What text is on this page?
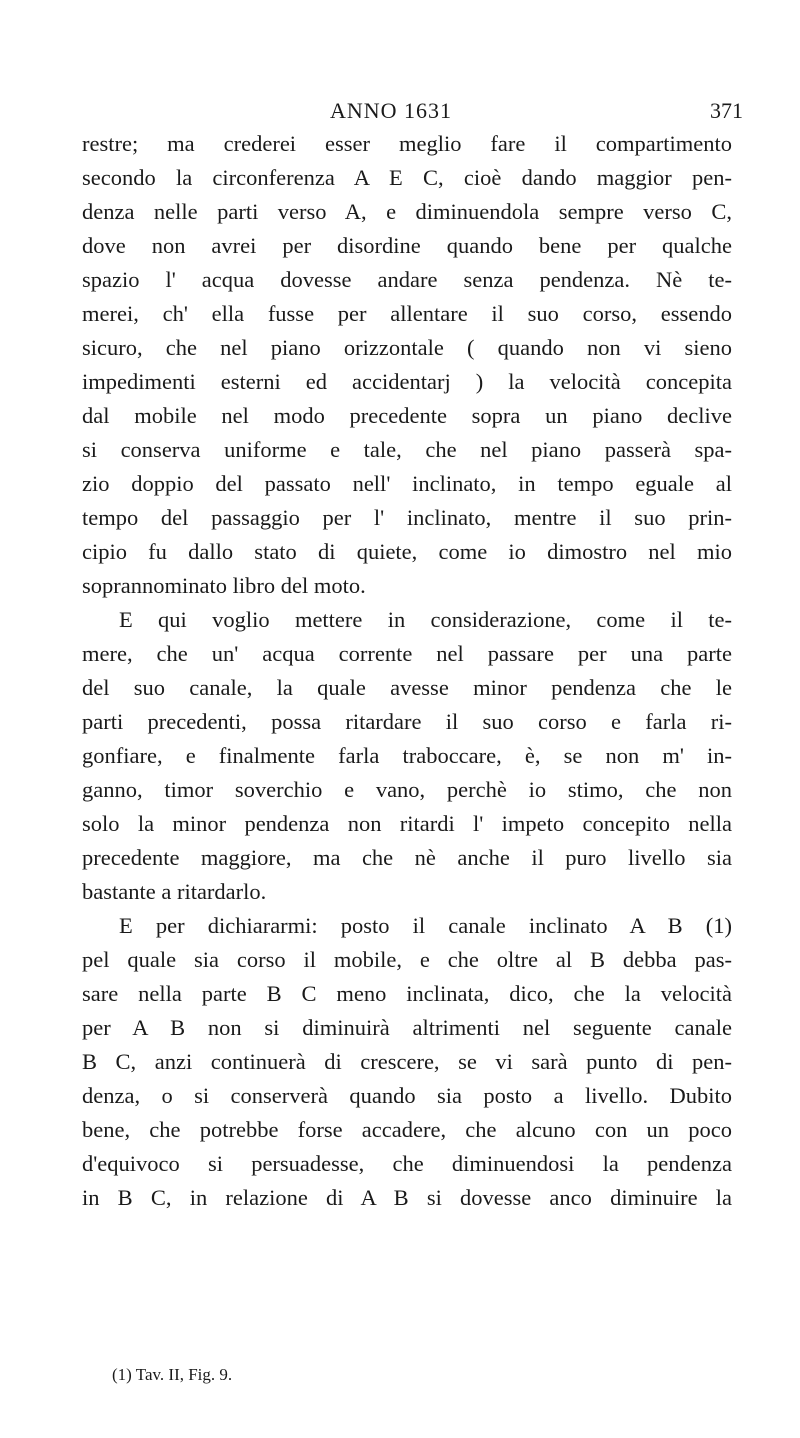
ANNO 1631	371
restre; ma crederei esser meglio fare il compartimento
secondo la circonferenza A E C, cioè dando maggior pen-
denza nelle parti verso A, e diminuendola sempre verso C,
dove non avrei per disordine quando bene per qualche
spazio l' acqua dovesse andare senza pendenza. Nè te-
merei, ch' ella fusse per allentare il suo corso, essendo
sicuro, che nel piano orizzontale ( quando non vi sieno
impedimenti esterni ed accidentarj ) la velocità concepita
dal mobile nel modo precedente sopra un piano declive
si conserva uniforme e tale, che nel piano passerà spa-
zio doppio del passato nell' inclinato, in tempo eguale al
tempo del passaggio per l' inclinato, mentre il suo prin-
cipio fu dallo stato di quiete, come io dimostro nel mio
soprannominato libro del moto.
E qui voglio mettere in considerazione, come il te-
mere, che un' acqua corrente nel passare per una parte
del suo canale, la quale avesse minor pendenza che le
parti precedenti, possa ritardare il suo corso e farla ri-
gonfiare, e finalmente farla traboccare, è, se non m' in-
ganno, timor soverchio e vano, perchè io stimo, che non
solo la minor pendenza non ritardi l' impeto concepito nella
precedente maggiore, ma che nè anche il puro livello sia
bastante a ritardarlo.
E per dichiararmi: posto il canale inclinato A B (1)
pel quale sia corso il mobile, e che oltre al B debba pas-
sare nella parte B C meno inclinata, dico, che la velocità
per A B non si diminuirà altrimenti nel seguente canale
B C, anzi continuerà di crescere, se vi sarà punto di pen-
denza, o si conserverà quando sia posto a livello. Dubito
bene, che potrebbe forse accadere, che alcuno con un poco
d'equivoco si persuadesse, che diminuendosi la pendenza
in B C, in relazione di A B si dovesse anco diminuire la
(1) Tav. II, Fig. 9.
